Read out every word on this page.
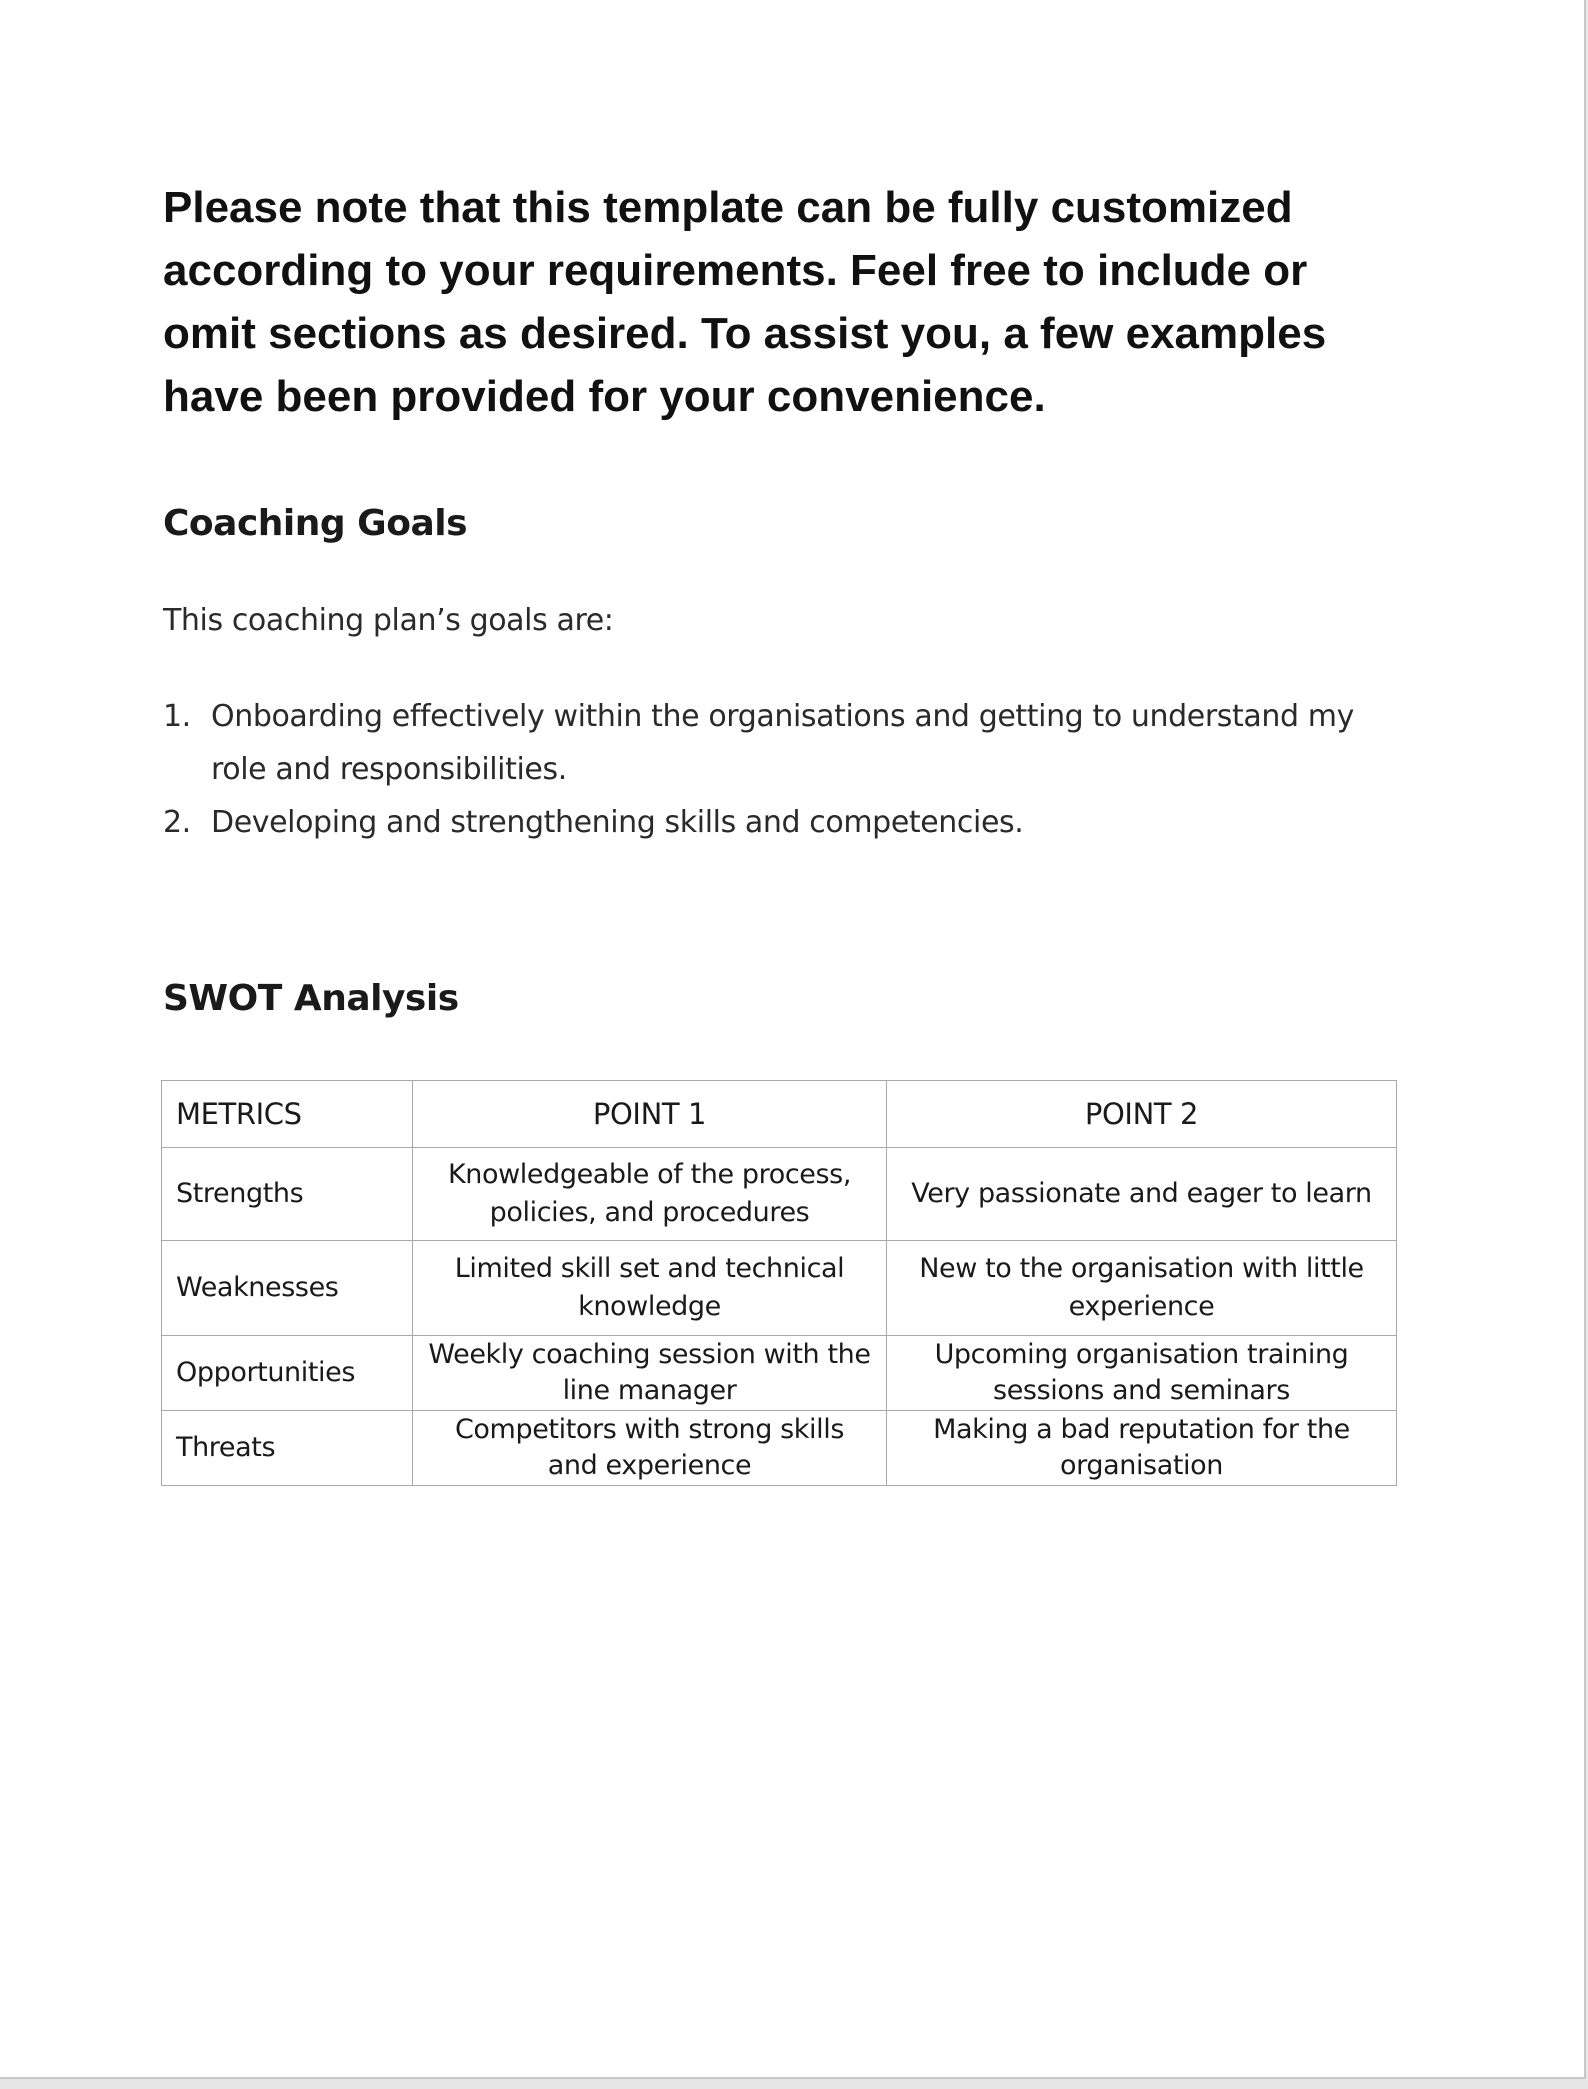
Please note that this template can be fully customized according to your requirements. Feel free to include or omit sections as desired. To assist you, a few examples have been provided for your convenience.

Coaching Goals

This coaching plan’s goals are:

1. Onboarding effectively within the organisations and getting to understand my role and responsibilities.
2. Developing and strengthening skills and competencies.
SWOT Analysis
METRICS	POINT 1	POINT 2
Strengths	Knowledgeable of the process, policies, and procedures	Very passionate and eager to learn
Weaknesses	Limited skill set and technical knowledge	New to the organisation with little experience
Opportunities	Weekly coaching session with the line manager	Upcoming organisation training sessions and seminars
Threats	Competitors with strong skills and experience	Making a bad reputation for the organisation
